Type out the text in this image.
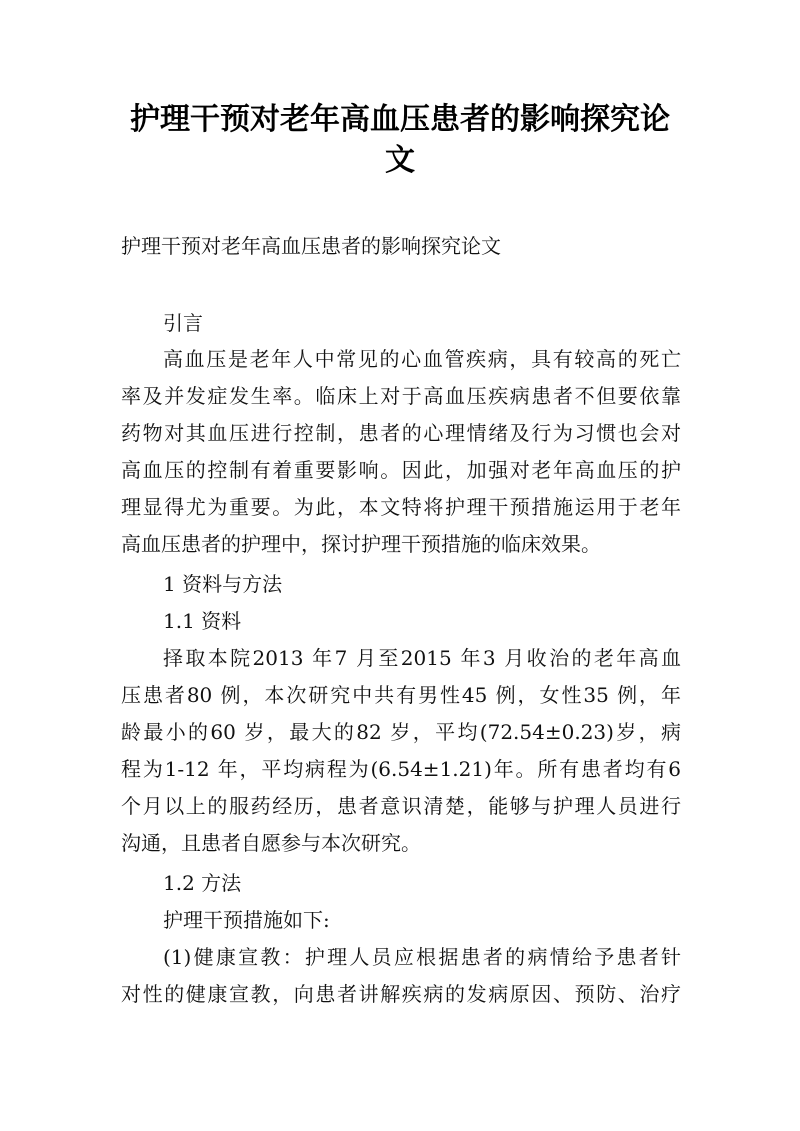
护理干预对老年高血压患者的影响探究论
文
护理干预对老年高血压患者的影响探究论文
引言
高血压是老年人中常见的心血管疾病，具有较高的死亡
率及并发症发生率。临床上对于高血压疾病患者不但要依靠
药物对其血压进行控制，患者的心理情绪及行为习惯也会对
高血压的控制有着重要影响。因此，加强对老年高血压的护
理显得尤为重要。为此，本文特将护理干预措施运用于老年
高血压患者的护理中，探讨护理干预措施的临床效果。
1 资料与方法
1.1 资料
择取本院2013 年7 月至2015 年3 月收治的老年高血
压患者80 例，本次研究中共有男性45 例，女性35 例，年
龄最小的60 岁，最大的82 岁，平均(72.54±0.23)岁，病
程为1-12 年，平均病程为(6.54±1.21)年。所有患者均有6
个月以上的服药经历，患者意识清楚，能够与护理人员进行
沟通，且患者自愿参与本次研究。
1.2 方法
护理干预措施如下:
(1)健康宣教：护理人员应根据患者的病情给予患者针
对性的健康宣教，向患者讲解疾病的发病原因、预防、治疗
